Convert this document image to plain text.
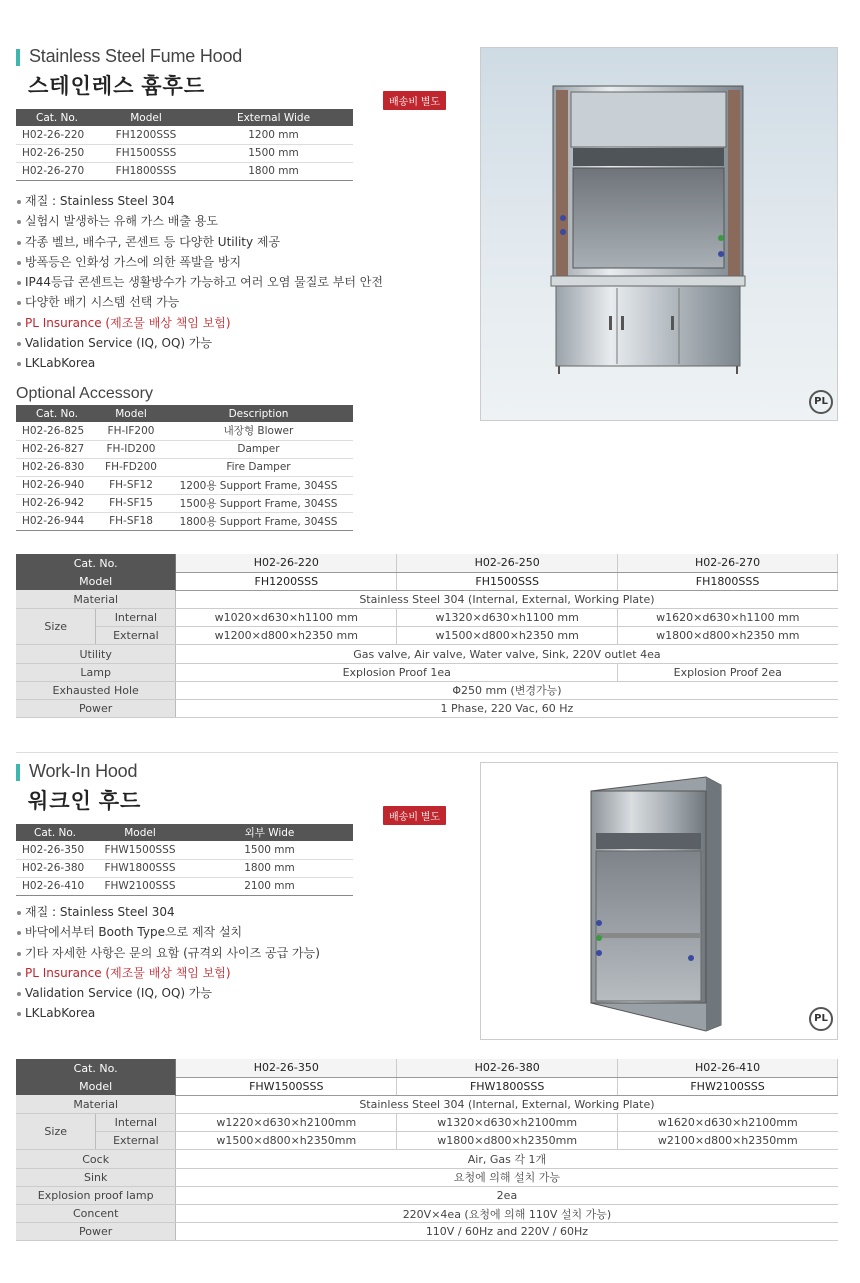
Stainless Steel Fume Hood
스테인레스 흄후드
배송비 별도
Cat. No.	Model	External Wide
H02-26-220	FH1200SSS	1200 mm
H02-26-250	FH1500SSS	1500 mm
H02-26-270	FH1800SSS	1800 mm
재질 : Stainless Steel 304
실험시 발생하는 유해 가스 배출 용도
각종 벨브, 배수구, 콘센트 등 다양한 Utility 제공
방폭등은 인화성 가스에 의한 폭발을 방지
IP44등급 콘센트는 생활방수가 가능하고 여러 오염 물질로 부터 안전
다양한 배기 시스템 선택 가능
PL Insurance (제조물 배상 책임 보험)
Validation Service (IQ, OQ) 가능
LKLabKorea
Optional Accessory
Cat. No.	Model	Description
H02-26-825	FH-IF200	내장형 Blower
H02-26-827	FH-ID200	Damper
H02-26-830	FH-FD200	Fire Damper
H02-26-940	FH-SF12	1200용 Support Frame, 304SS
H02-26-942	FH-SF15	1500용 Support Frame, 304SS
H02-26-944	FH-SF18	1800용 Support Frame, 304SS
PL
Cat. No.		H02-26-220	H02-26-250	H02-26-270
Model		FH1200SSS	FH1500SSS	FH1800SSS
Material		Stainless Steel 304 (Internal, External, Working Plate)		
Size	Internal	w1020×d630×h1100 mm	w1320×d630×h1100 mm	w1620×d630×h1100 mm
	External	w1200×d800×h2350 mm	w1500×d800×h2350 mm	w1800×d800×h2350 mm
Utility		Gas valve, Air valve, Water valve, Sink, 220V outlet 4ea		
Lamp		Explosion Proof 1ea		Explosion Proof 2ea
Exhausted Hole		Φ250 mm (변경가능)		
Power		1 Phase, 220 Vac, 60 Hz		
Work-In Hood
워크인 후드
배송비 별도
Cat. No.	Model	외부 Wide
H02-26-350	FHW1500SSS	1500 mm
H02-26-380	FHW1800SSS	1800 mm
H02-26-410	FHW2100SSS	2100 mm
재질 : Stainless Steel 304
바닥에서부터 Booth Type으로 제작 설치
기타 자세한 사항은 문의 요함 (규격외 사이즈 공급 가능)
PL Insurance (제조물 배상 책임 보험)
Validation Service (IQ, OQ) 가능
LKLabKorea	PL
Cat. No.		H02-26-350	H02-26-380	H02-26-410
Model		FHW1500SSS	FHW1800SSS	FHW2100SSS
Material		Stainless Steel 304 (Internal, External, Working Plate)		
Size	Internal	w1220×d630×h2100mm	w1320×d630×h2100mm	w1620×d630×h2100mm
	External	w1500×d800×h2350mm	w1800×d800×h2350mm	w2100×d800×h2350mm
Cock		Air, Gas 각 1개		
Sink		요청에 의해 설치 가능		
Explosion proof lamp		2ea		
Concent		220V×4ea (요청에 의해 110V 설치 가능)		
Power		110V / 60Hz and 220V / 60Hz		
